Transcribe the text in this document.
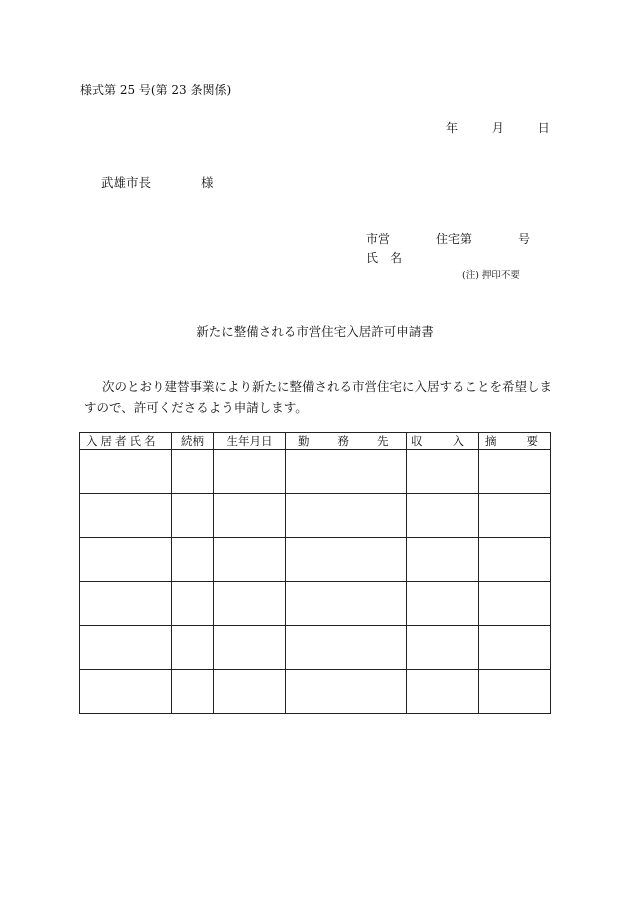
様式第 25 号(第 23 条関係)
年	月	日
武雄市長	様
市営	住宅第	号
氏　名
(注) 押印不要
新たに整備される市営住宅入居許可申請書
次のとおり建替事業により新たに整備される市営住宅に入居することを希望しますので、許可くださるよう申請します。
入居者氏名	続柄	生年月日	勤務先	収入	摘要
